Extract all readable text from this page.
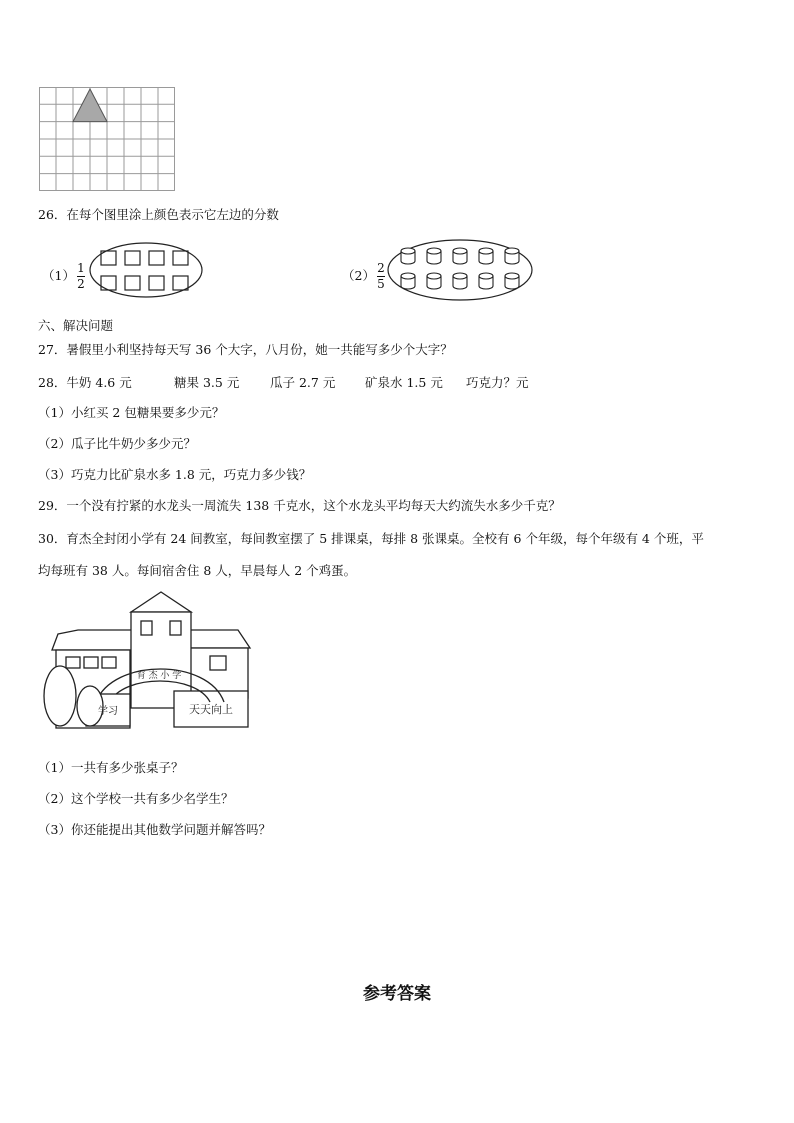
26．在每个图里涂上颜色表示它左边的分数
$(1) \frac{1}{2}$	$(2) \frac{2}{5}$
六、解决问题
27．暑假里小利坚持每天写 36 个大字，八月份，她一共能写多少个大字？
28．牛奶 4.6 元	糖果 3.5 元 瓜子 2.7 元 矿泉水 1.5 元 巧克力？元
（1）小红买 2 包糖果要多少元？
（2）瓜子比牛奶少多少元？
（3）巧克力比矿泉水多 1.8 元，巧克力多少钱？
29．一个没有拧紧的水龙头一周流失 138 千克水，这个水龙头平均每天大约流失水多少千克？
30．育杰全封闭小学有 24 间教室，每间教室摆了 5 排课桌，每排 8 张课桌。全校有 6 个年级，每个年级有 4 个班，平
均每班有 38 人。每间宿舍住 8 人，早晨每人 2 个鸡蛋。
育 杰 小 学
学习	天天向上
（1）一共有多少张桌子？
（2）这个学校一共有多少名学生？
（3）你还能提出其他数学问题并解答吗？
参考答案
